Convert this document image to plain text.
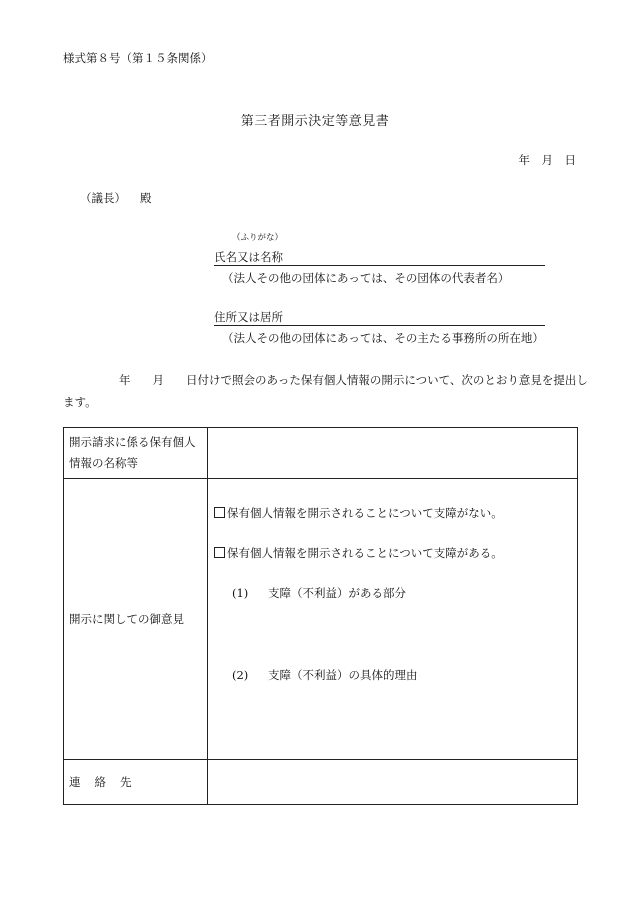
様式第８号（第１５条関係）
第三者開示決定等意見書
年　月　日
（議長） 殿
（ふりがな）
氏名又は名称
（法人その他の団体にあっては、その団体の代表者名）
住所又は居所
（法人その他の団体にあっては、その主たる事務所の所在地）
年 月 日付けで照会のあった保有個人情報の開示について、次のとおり意見を提出します。
開示請求に係る保有個人情報の名称等	
開示に関しての御意見	保有個人情報を開示されることについて支障がない。
保有個人情報を開示されることについて支障がある。
(1) 支障（不利益）がある部分
(2) 支障（不利益）の具体的理由

連絡先	
